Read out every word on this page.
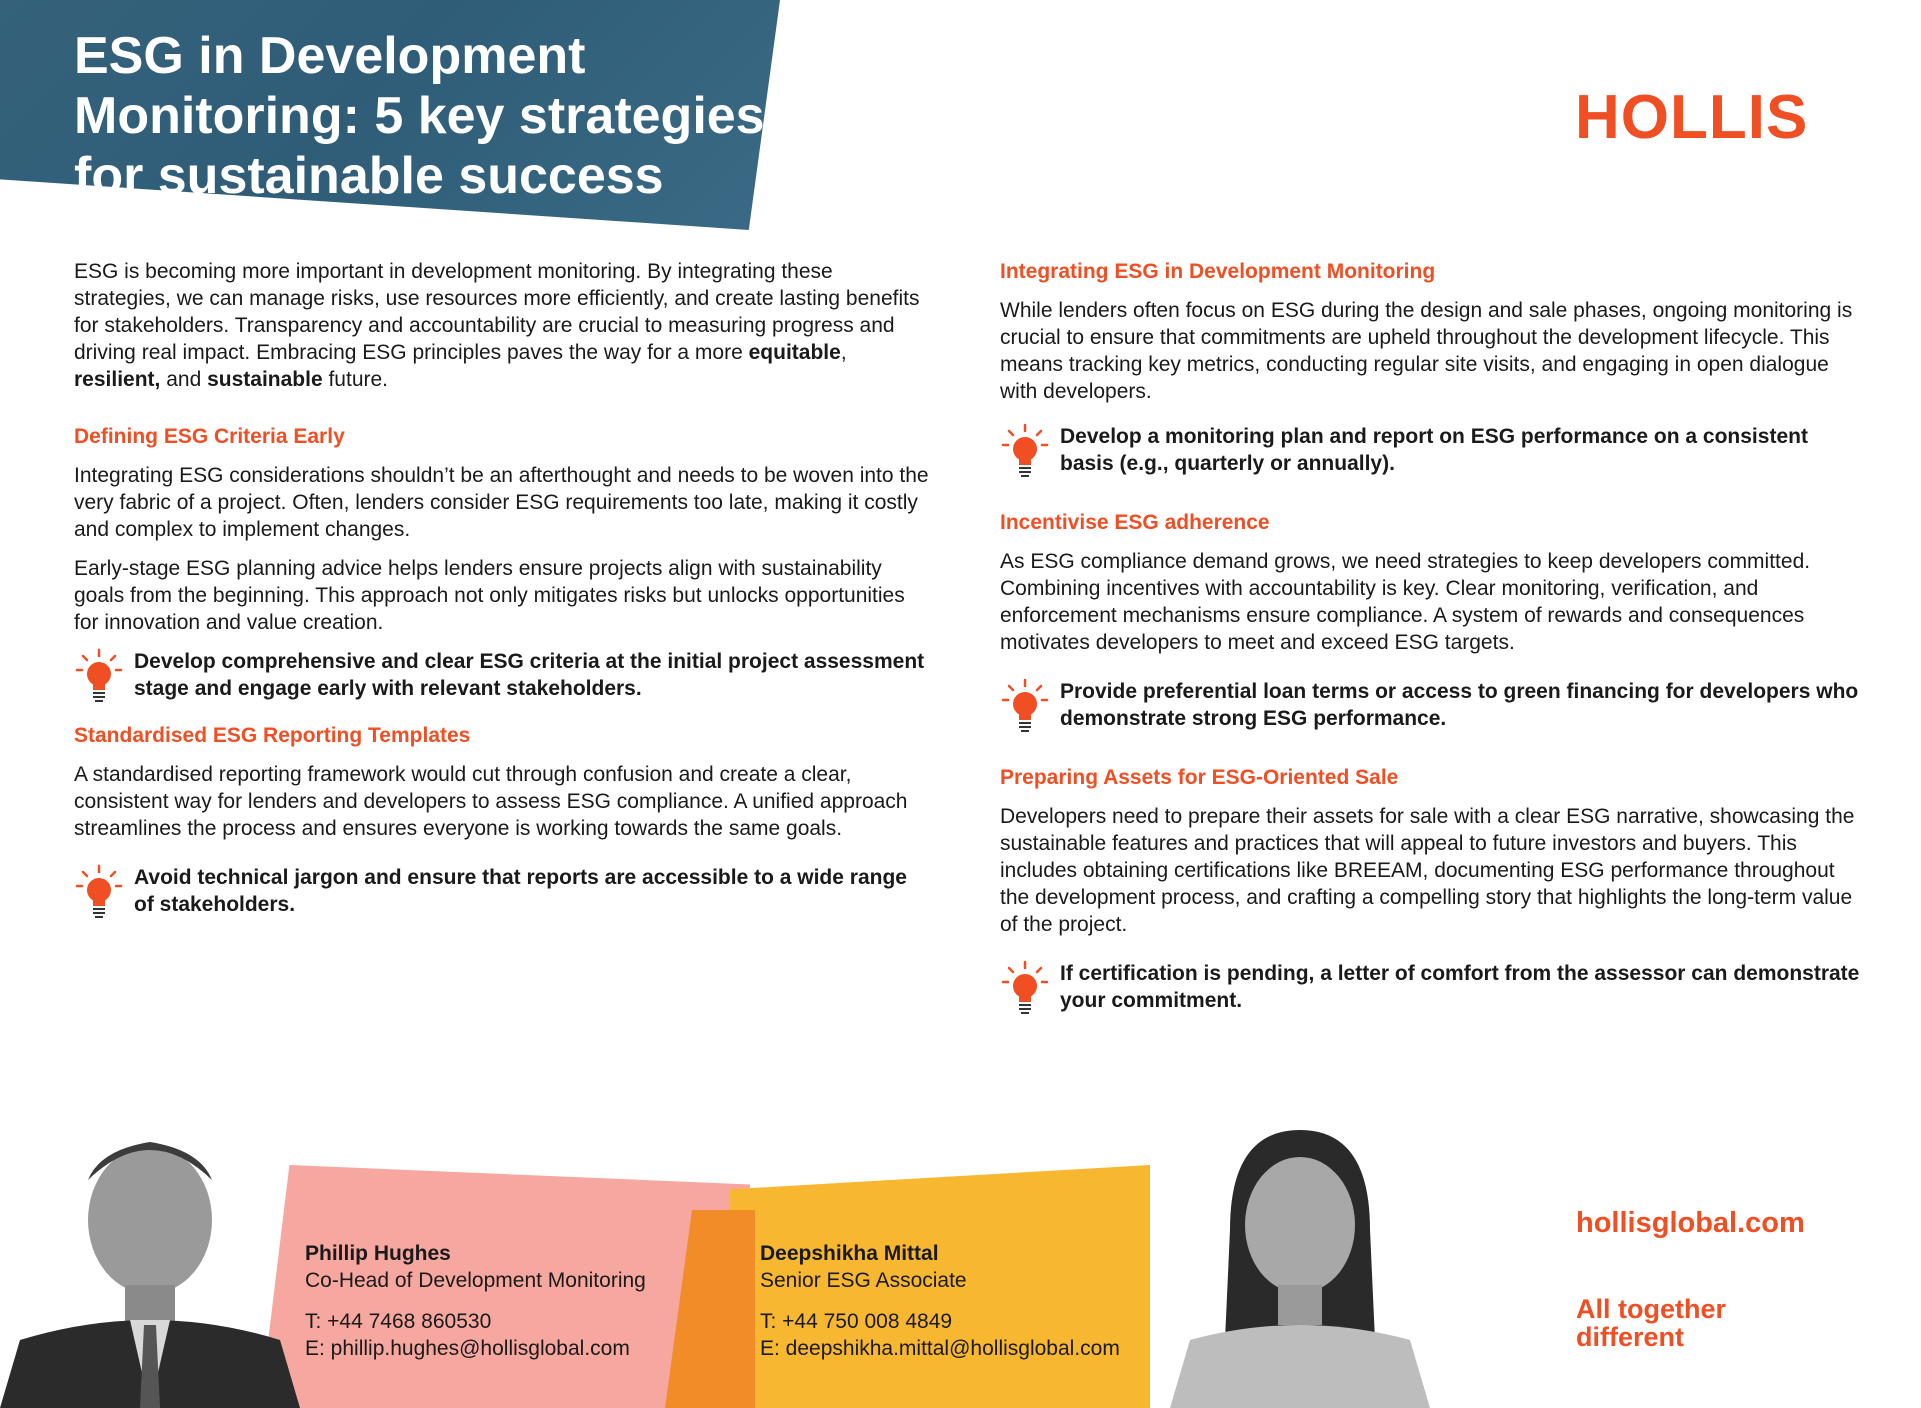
ESG in Development Monitoring: 5 key strategies for sustainable success
HOLLIS

ESG is becoming more important in development monitoring. By integrating these strategies, we can manage risks, use resources more efficiently, and create lasting benefits for stakeholders. Transparency and accountability are crucial to measuring progress and driving real impact. Embracing ESG principles paves the way for a more equitable, resilient, and sustainable future.

Defining ESG Criteria Early

Integrating ESG considerations shouldn’t be an afterthought and needs to be woven into the very fabric of a project. Often, lenders consider ESG requirements too late, making it costly and complex to implement changes.

Early-stage ESG planning advice helps lenders ensure projects align with sustainability goals from the beginning. This approach not only mitigates risks but unlocks opportunities for innovation and value creation.

Develop comprehensive and clear ESG criteria at the initial project assessment stage and engage early with relevant stakeholders.
Standardised ESG Reporting Templates

A standardised reporting framework would cut through confusion and create a clear, consistent way for lenders and developers to assess ESG compliance. A unified approach streamlines the process and ensures everyone is working towards the same goals.

Avoid technical jargon and ensure that reports are accessible to a wide range of stakeholders.
Integrating ESG in Development Monitoring

While lenders often focus on ESG during the design and sale phases, ongoing monitoring is crucial to ensure that commitments are upheld throughout the development lifecycle. This means tracking key metrics, conducting regular site visits, and engaging in open dialogue with developers.

Develop a monitoring plan and report on ESG performance on a consistent basis (e.g., quarterly or annually).
Incentivise ESG adherence

As ESG compliance demand grows, we need strategies to keep developers committed. Combining incentives with accountability is key. Clear monitoring, verification, and enforcement mechanisms ensure compliance. A system of rewards and consequences motivates developers to meet and exceed ESG targets.

Provide preferential loan terms or access to green financing for developers who demonstrate strong ESG performance.
Preparing Assets for ESG-Oriented Sale

Developers need to prepare their assets for sale with a clear ESG narrative, showcasing the sustainable features and practices that will appeal to future investors and buyers. This includes obtaining certifications like BREEAM, documenting ESG performance throughout the development process, and crafting a compelling story that highlights the long-term value of the project.

If certification is pending, a letter of comfort from the assessor can demonstrate your commitment.
Phillip Hughes
Co-Head of Development Monitoring
T: +44 7468 860530
E: phillip.hughes@hollisglobal.com
Deepshikha Mittal
Senior ESG Associate
T: +44 750 008 4849
E: deepshikha.mittal@hollisglobal.com
hollisglobal.com
All together
different
